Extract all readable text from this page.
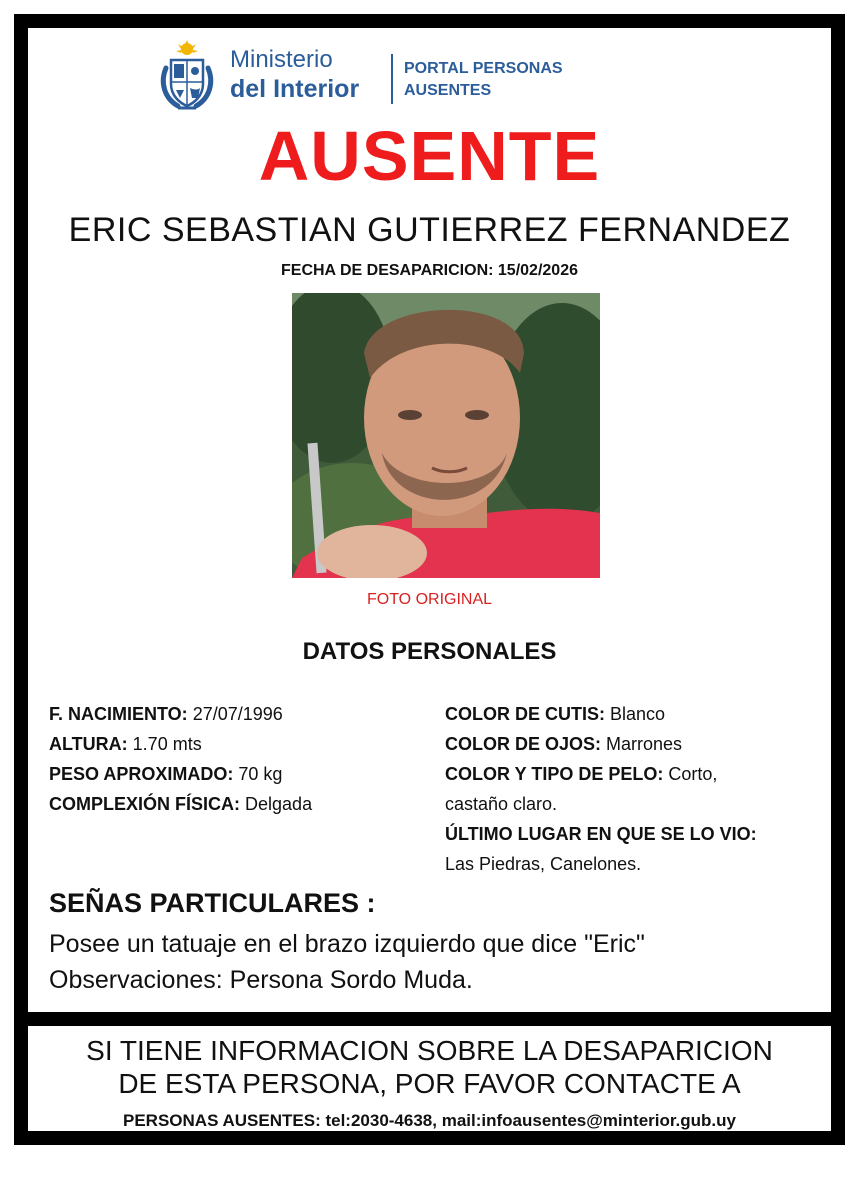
Ministerio
del Interior
PORTAL PERSONAS
AUSENTES
AUSENTE
ERIC SEBASTIAN GUTIERREZ FERNANDEZ
FECHA DE DESAPARICION: 15/02/2026
FOTO ORIGINAL
DATOS PERSONALES
F. NACIMIENTO: 27/07/1996
ALTURA: 1.70 mts
PESO APROXIMADO: 70 kg
COMPLEXIÓN FÍSICA: Delgada
COLOR DE CUTIS: Blanco
COLOR DE OJOS: Marrones
COLOR Y TIPO DE PELO: Corto,
castaño claro.
ÚLTIMO LUGAR EN QUE SE LO VIO:
Las Piedras, Canelones.
SEÑAS PARTICULARES :
Posee un tatuaje en el brazo izquierdo que dice "Eric"
Observaciones: Persona Sordo Muda.
SI TIENE INFORMACION SOBRE LA DESAPARICION
DE ESTA PERSONA, POR FAVOR CONTACTE A
PERSONAS AUSENTES: tel:2030-4638, mail:infoausentes@minterior.gub.uy
